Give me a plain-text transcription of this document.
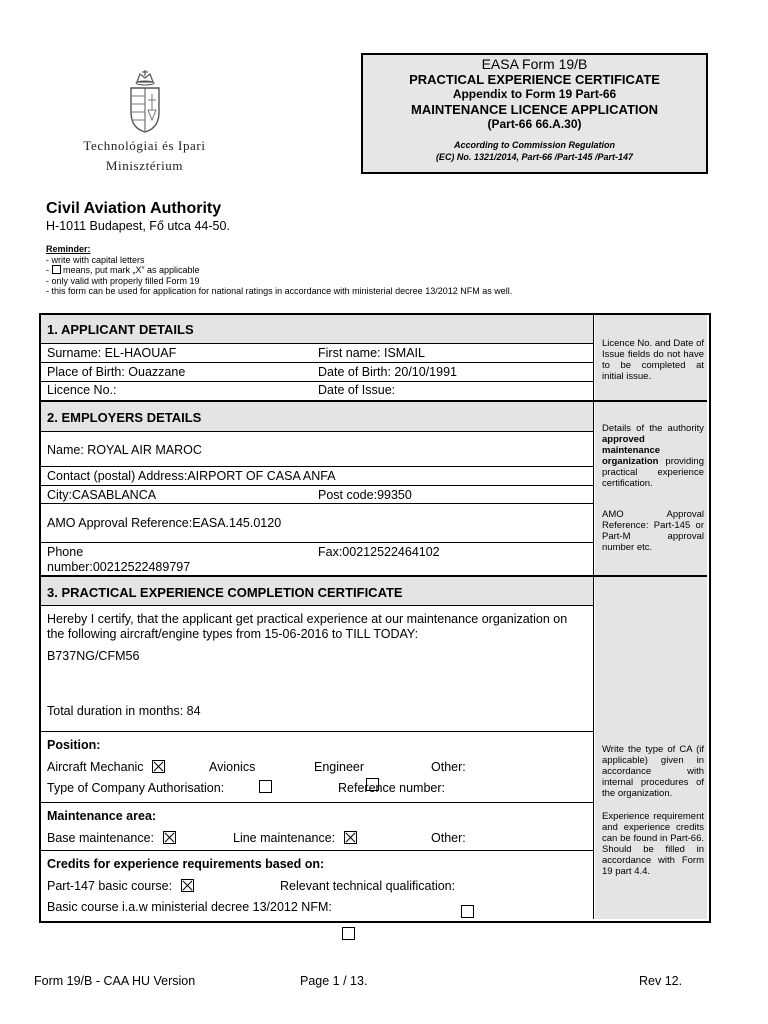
Technológiai és Ipari
Minisztérium
EASA Form 19/B
PRACTICAL EXPERIENCE CERTIFICATE
Appendix to Form 19 Part-66
MAINTENANCE LICENCE APPLICATION
(Part-66 66.A.30)
According to Commission Regulation
(EC) No. 1321/2014, Part-66 /Part-145 /Part-147
Civil Aviation Authority
H-1011 Budapest, Fő utca 44-50.
Reminder:
- write with capital letters
-  means, put mark „X” as applicable
- only valid with properly filled Form 19
- this form can be used for application for national ratings in accordance with ministerial decree 13/2012 NFM as well.
1. APPLICANT DETAILS
Surname: EL-HAOUAF	First name: ISMAIL
Place of Birth: Ouazzane	Date of Birth: 20/10/1991
Licence No.:	Date of Issue:
Licence No. and Date of Issue fields do not have to be completed at initial issue.
2. EMPLOYERS DETAILS
Name: ROYAL AIR MAROC
Contact (postal) Address:AIRPORT OF CASA ANFA
City:CASABLANCA	Post code:99350
AMO Approval Reference:EASA.145.0120
Phone
number:00212522489797
Fax:00212522464102
Details of the authority approved maintenance organization providing practical experience certification.
AMO Approval Reference: Part-145 or Part-M approval number etc.
3. PRACTICAL EXPERIENCE COMPLETION CERTIFICATE
Hereby I certify, that the applicant get practical experience at our maintenance organization on
the following aircraft/engine types from 15-06-2016 to TILL TODAY:
B737NG/CFM56
Total duration in months: 84
Position:
Aircraft Mechanic	Avionics	Engineer	Other:
Type of Company Authorisation:	Reference number:
Maintenance area:
Base maintenance:	Line maintenance:	Other:
Credits for experience requirements based on:
Part-147 basic course:	Relevant technical qualification:
Basic course i.a.w ministerial decree 13/2012 NFM:
Write the type of CA (if applicable) given in accordance with internal procedures of the organization.
Experience requirement and experience credits can be found in Part-66. Should be filled in accordance with Form 19 part 4.4.
Form 19/B - CAA HU Version	Page 1 / 13.	Rev 12.
